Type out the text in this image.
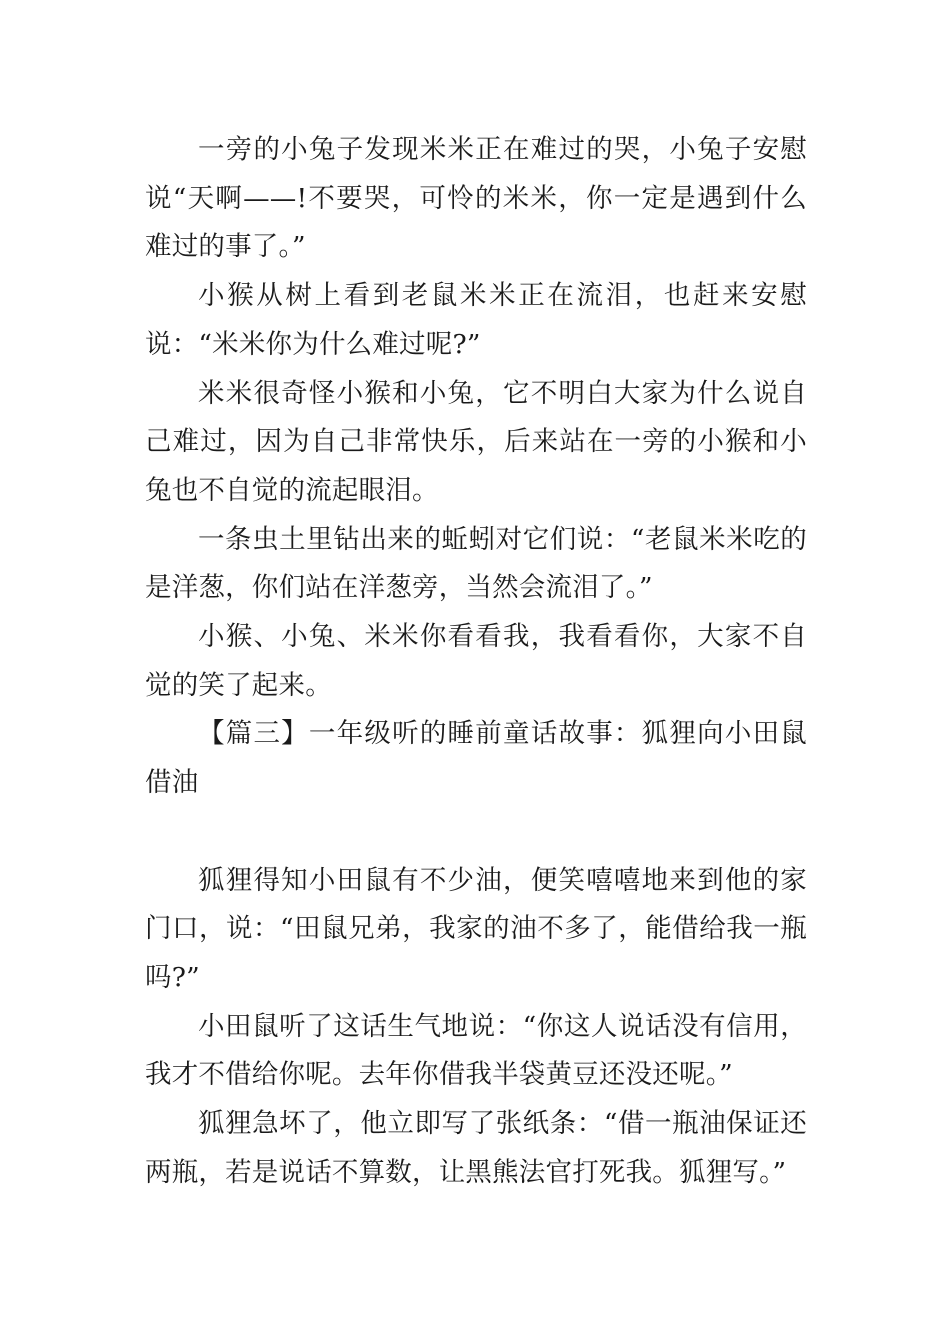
一旁的小兔子发现米米正在难过的哭，小兔子安慰说“天啊——!不要哭，可怜的米米，你一定是遇到什么难过的事了。”

小猴从树上看到老鼠米米正在流泪，也赶来安慰说：“米米你为什么难过呢?”

米米很奇怪小猴和小兔，它不明白大家为什么说自己难过，因为自己非常快乐，后来站在一旁的小猴和小兔也不自觉的流起眼泪。

一条虫土里钻出来的蚯蚓对它们说：“老鼠米米吃的是洋葱，你们站在洋葱旁，当然会流泪了。”

小猴、小兔、米米你看看我，我看看你，大家不自觉的笑了起来。

【篇三】一年级听的睡前童话故事：狐狸向小田鼠借油

狐狸得知小田鼠有不少油，便笑嘻嘻地来到他的家门口，说：“田鼠兄弟，我家的油不多了，能借给我一瓶吗?”

小田鼠听了这话生气地说：“你这人说话没有信用，我才不借给你呢。去年你借我半袋黄豆还没还呢。”

狐狸急坏了，他立即写了张纸条：“借一瓶油保证还两瓶，若是说话不算数，让黑熊法官打死我。狐狸写。”
